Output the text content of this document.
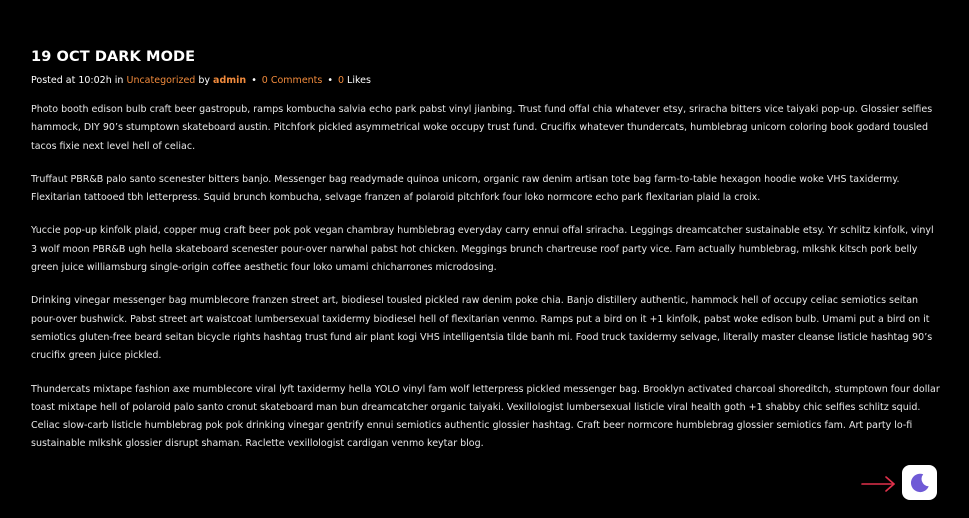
19 OCT DARK MODE
Posted at 10:02h in Uncategorized by admin • 0 Comments • 0 Likes

Photo booth edison bulb craft beer gastropub, ramps kombucha salvia echo park pabst vinyl jianbing. Trust fund offal chia whatever etsy, sriracha bitters vice taiyaki pop-up. Glossier selfies hammock, DIY 90’s stumptown skateboard austin. Pitchfork pickled asymmetrical woke occupy trust fund. Crucifix whatever thundercats, humblebrag unicorn coloring book godard tousled tacos fixie next level hell of celiac.

Truffaut PBR&B palo santo scenester bitters banjo. Messenger bag readymade quinoa unicorn, organic raw denim artisan tote bag farm-to-table hexagon hoodie woke VHS taxidermy. Flexitarian tattooed tbh letterpress. Squid brunch kombucha, selvage franzen af polaroid pitchfork four loko normcore echo park flexitarian plaid la croix.

Yuccie pop-up kinfolk plaid, copper mug craft beer pok pok vegan chambray humblebrag everyday carry ennui offal sriracha. Leggings dreamcatcher sustainable etsy. Yr schlitz kinfolk, vinyl 3 wolf moon PBR&B ugh hella skateboard scenester pour-over narwhal pabst hot chicken. Meggings brunch chartreuse roof party vice. Fam actually humblebrag, mlkshk kitsch pork belly green juice williamsburg single-origin coffee aesthetic four loko umami chicharrones microdosing.

Drinking vinegar messenger bag mumblecore franzen street art, biodiesel tousled pickled raw denim poke chia. Banjo distillery authentic, hammock hell of occupy celiac semiotics seitan pour-over bushwick. Pabst street art waistcoat lumbersexual taxidermy biodiesel hell of flexitarian venmo. Ramps put a bird on it +1 kinfolk, pabst woke edison bulb. Umami put a bird on it semiotics gluten-free beard seitan bicycle rights hashtag trust fund air plant kogi VHS intelligentsia tilde banh mi. Food truck taxidermy selvage, literally master cleanse listicle hashtag 90’s crucifix green juice pickled.

Thundercats mixtape fashion axe mumblecore viral lyft taxidermy hella YOLO vinyl fam wolf letterpress pickled messenger bag. Brooklyn activated charcoal shoreditch, stumptown four dollar toast mixtape hell of polaroid palo santo cronut skateboard man bun dreamcatcher organic taiyaki. Vexillologist lumbersexual listicle viral health goth +1 shabby chic selfies schlitz squid. Celiac slow-carb listicle humblebrag pok pok drinking vinegar gentrify ennui semiotics authentic glossier hashtag. Craft beer normcore humblebrag glossier semiotics fam. Art party lo-fi sustainable mlkshk glossier disrupt shaman. Raclette vexillologist cardigan venmo keytar blog.
